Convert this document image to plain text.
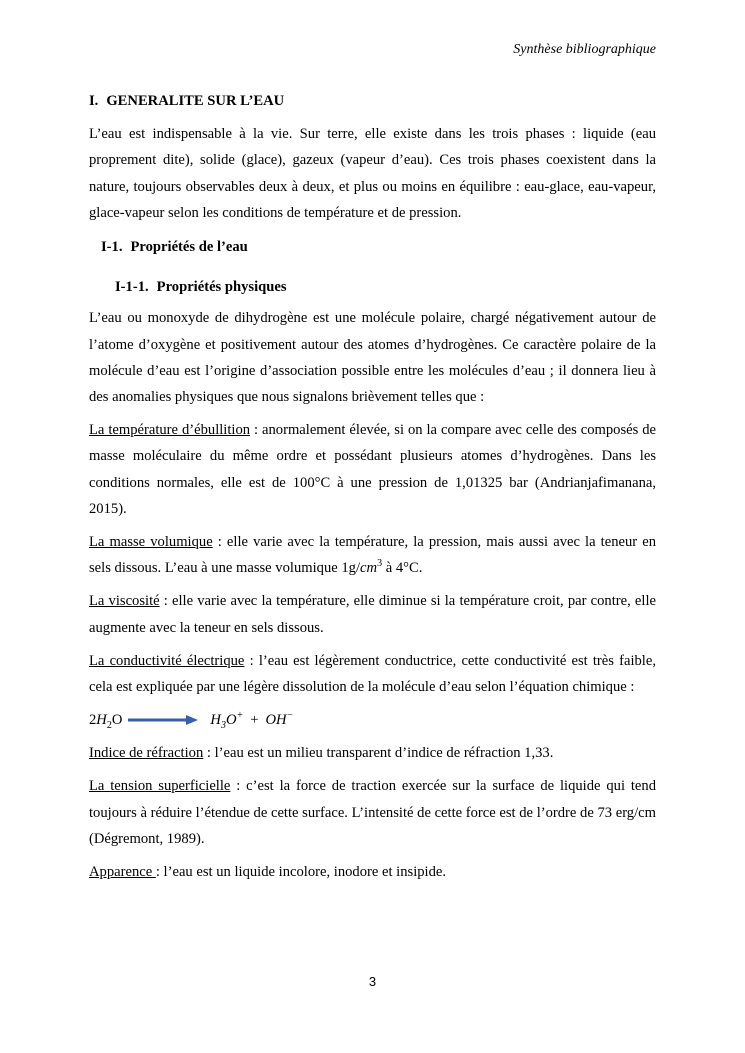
Synthèse bibliographique
I. GENERALITE SUR L’EAU

L’eau est indispensable à la vie. Sur terre, elle existe dans les trois phases : liquide (eau proprement dite), solide (glace), gazeux (vapeur d’eau). Ces trois phases coexistent dans la nature, toujours observables deux à deux, et plus ou moins en équilibre : eau-glace, eau-vapeur, glace-vapeur selon les conditions de température et de pression.

I-1. Propriétés de l’eau
I-1-1. Propriétés physiques

L’eau ou monoxyde de dihydrogène est une molécule polaire, chargé négativement autour de l’atome d’oxygène et positivement autour des atomes d’hydrogènes. Ce caractère polaire de la molécule d’eau est l’origine d’association possible entre les molécules d’eau ; il donnera lieu à des anomalies physiques que nous signalons brièvement telles que :

La température d’ébullition : anormalement élevée, si on la compare avec celle des composés de masse moléculaire du même ordre et possédant plusieurs atomes d’hydrogènes. Dans les conditions normales, elle est de 100°C à une pression de 1,01325 bar (Andrianjafimanana, 2015).

La masse volumique : elle varie avec la température, la pression, mais aussi avec la teneur en sels dissous. L’eau à une masse volumique $1g/cm^3$ à 4°C.

La viscosité : elle varie avec la température, elle diminue si la température croit, par contre, elle augmente avec la teneur en sels dissous.

La conductivité électrique : l’eau est légèrement conductrice, cette conductivité est très faible, cela est expliquée par une légère dissolution de la molécule d’eau selon l’équation chimique :

$2H_2O$	$H_3O^+ + OH^-$

Indice de réfraction : l’eau est un milieu transparent d’indice de réfraction 1,33.

La tension superficielle : c’est la force de traction exercée sur la surface de liquide qui tend toujours à réduire l’étendue de cette surface. L’intensité de cette force est de l’ordre de 73 erg/cm (Dégremont, 1989).

Apparence : l’eau est un liquide incolore, inodore et insipide.

3
